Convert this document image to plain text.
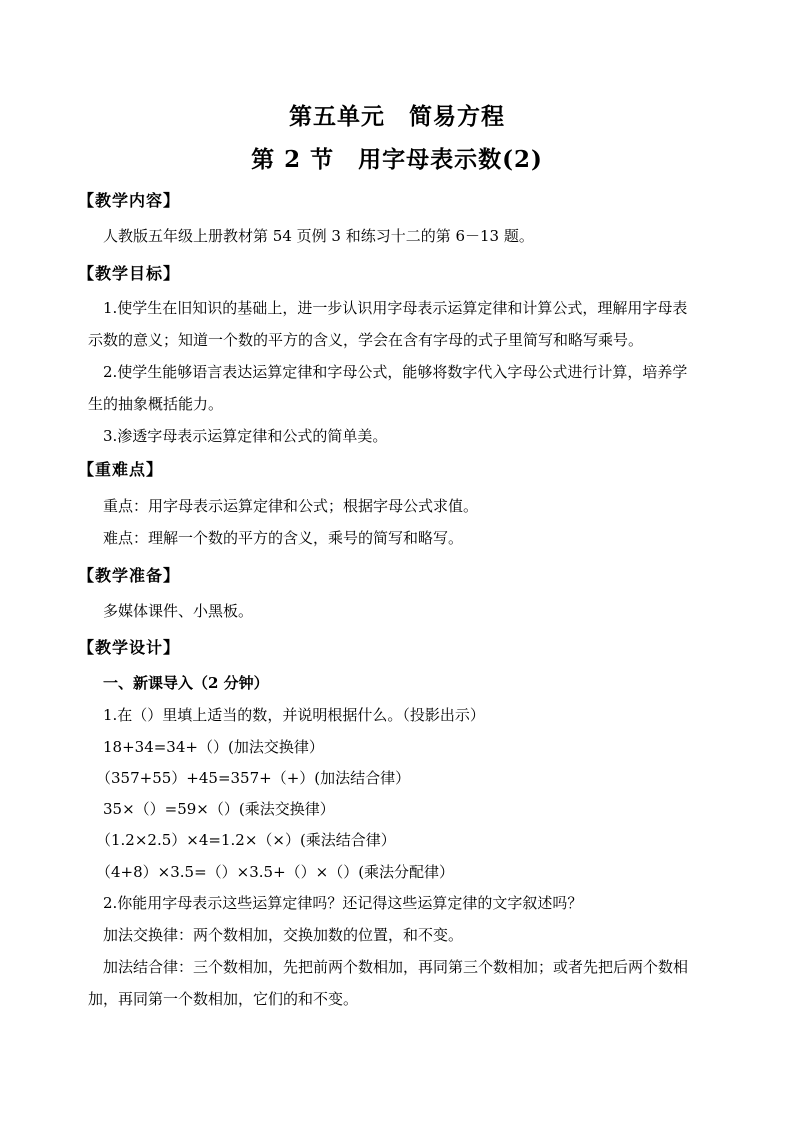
第五单元　简易方程
第 2 节　用字母表示数(2)
【教学内容】
人教版五年级上册教材第 54 页例 3 和练习十二的第 6－13 题。
【教学目标】
1.使学生在旧知识的基础上，进一步认识用字母表示运算定律和计算公式，理解用字母表
示数的意义；知道一个数的平方的含义，学会在含有字母的式子里简写和略写乘号。
2.使学生能够语言表达运算定律和字母公式，能够将数字代入字母公式进行计算，培养学
生的抽象概括能力。
3.渗透字母表示运算定律和公式的简单美。
【重难点】
重点：用字母表示运算定律和公式；根据字母公式求值。
难点：理解一个数的平方的含义，乘号的简写和略写。
【教学准备】
多媒体课件、小黑板。
【教学设计】
一、新课导入（2 分钟）
1.在（）里填上适当的数，并说明根据什么。（投影出示）
18+34=34+（）(加法交换律）
（357+55）+45=357+（+）(加法结合律）
35×（）=59×（）(乘法交换律）
（1.2×2.5）×4=1.2×（×）(乘法结合律）
（4+8）×3.5=（）×3.5+（）×（）(乘法分配律）
2.你能用字母表示这些运算定律吗？还记得这些运算定律的文字叙述吗？
加法交换律：两个数相加，交换加数的位置，和不变。
加法结合律：三个数相加，先把前两个数相加，再同第三个数相加；或者先把后两个数相
加，再同第一个数相加，它们的和不变。
